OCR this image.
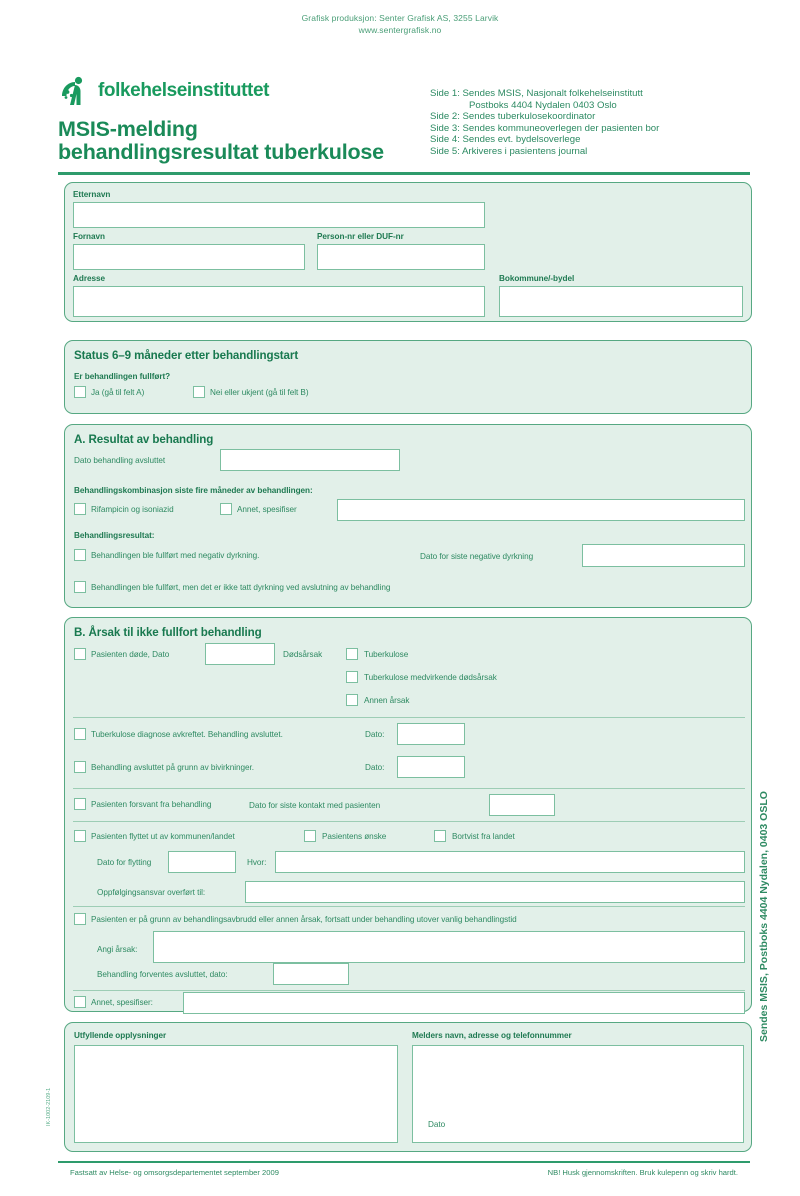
Grafisk produksjon: Senter Grafisk AS, 3255 Larvik
www.sentergrafisk.no
folkehelseinstituttet
MSIS-melding
behandlingsresultat tuberkulose
Side 1: Sendes MSIS, Nasjonalt folkehelseinstitutt
Postboks 4404 Nydalen 0403 Oslo
Side 2: Sendes tuberkulosekoordinator
Side 3: Sendes kommuneoverlegen der pasienten bor
Side 4: Sendes evt. bydelsoverlege
Side 5: Arkiveres i pasientens journal
Etternavn
Fornavn	Person-nr eller DUF-nr
Adresse	Bokommune/-bydel
Status 6–9 måneder etter behandlingstart
Er behandlingen fullført?
Ja (gå til felt A)	Nei eller ukjent (gå til felt B)
A. Resultat av behandling
Dato behandling avsluttet
Behandlingskombinasjon siste fire måneder av behandlingen:
Rifampicin og isoniazid	Annet, spesifiser
Behandlingsresultat:
Behandlingen ble fullført med negativ dyrkning.	Dato for siste negative dyrkning
Behandlingen ble fullført, men det er ikke tatt dyrkning ved avslutning av behandling
B. Årsak til ikke fullfort behandling
Pasienten døde, Dato	Dødsårsak	Tuberkulose
Tuberkulose medvirkende dødsårsak
Annen årsak
Tuberkulose diagnose avkreftet. Behandling avsluttet.	Dato:
Behandling avsluttet på grunn av bivirkninger.	Dato:
Pasienten forsvant fra behandling	Dato for siste kontakt med pasienten
Pasienten flyttet ut av kommunen/landet	Pasientens ønske	Bortvist fra landet
Dato for flytting	Hvor:
Oppfølgingsansvar overført til:
Pasienten er på grunn av behandlingsavbrudd eller annen årsak, fortsatt under behandling utover vanlig behandlingstid
Angi årsak:
Behandling forventes avsluttet, dato:
Annet, spesifiser:
Utfyllende opplysninger	Melders navn, adresse og telefonnummer
Dato
Sendes MSIS, Postboks 4404 Nydalen, 0403 OSLO
IK-1002-2109-1
Fastsatt av Helse- og omsorgsdepartementet september 2009	NB! Husk gjennomskriften. Bruk kulepenn og skriv hardt.
